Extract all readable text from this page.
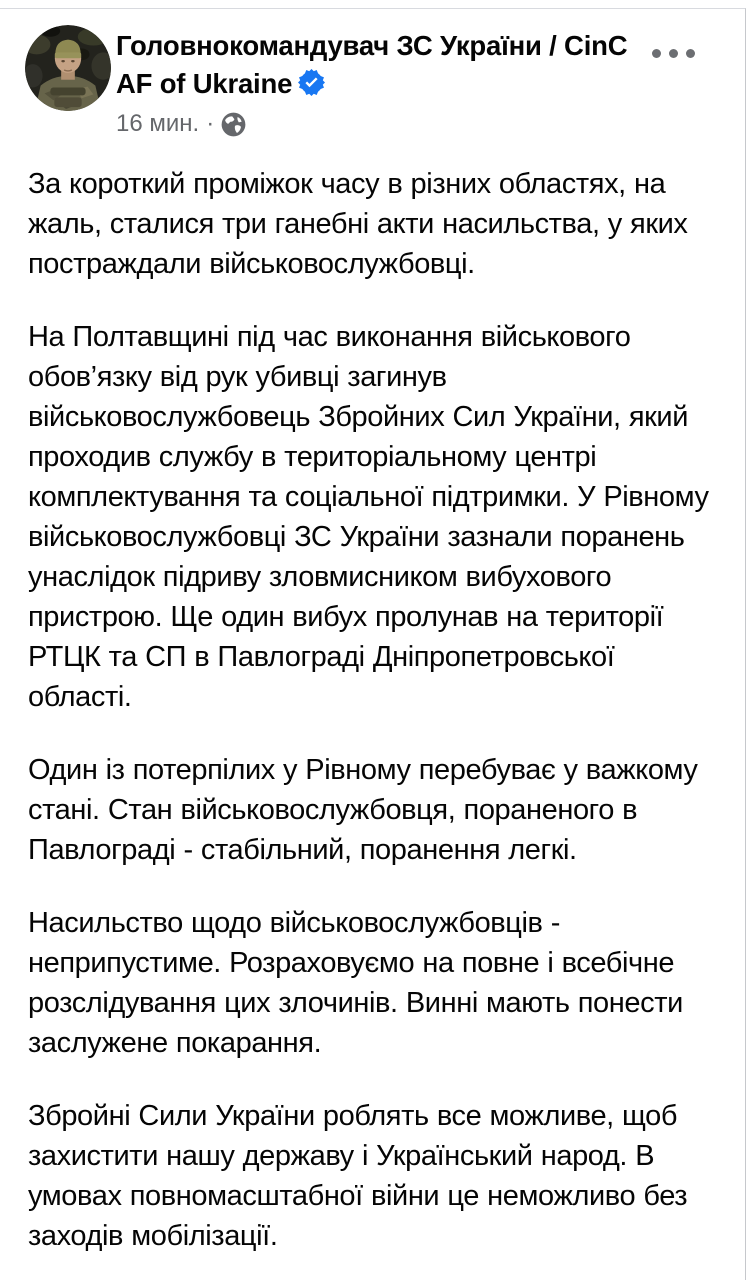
Головнокомандувач ЗС України / CinC AF of Ukraine
16 мин. ·

За короткий проміжок часу в різних областях, на жаль, сталися три ганебні акти насильства, у яких постраждали військовослужбовці.

На Полтавщині під час виконання військового обов’язку від рук убивці загинув військовослужбовець Збройних Сил України, який проходив службу в територіальному центрі комплектування та соціальної підтримки. У Рівному військовослужбовці ЗС України зазнали поранень унаслідок підриву зловмисником вибухового пристрою. Ще один вибух пролунав на території РТЦК та СП в Павлограді Дніпропетровської області.

Один із потерпілих у Рівному перебуває у важкому стані. Стан військовослужбовця, пораненого в Павлограді - стабільний, поранення легкі.

Насильство щодо військовослужбовців - неприпустиме. Розраховуємо на повне і всебічне розслідування цих злочинів. Винні мають понести заслужене покарання.

Збройні Сили України роблять все можливе, щоб захистити нашу державу і Український народ. В умовах повномасштабної війни це неможливо без заходів мобілізації.
